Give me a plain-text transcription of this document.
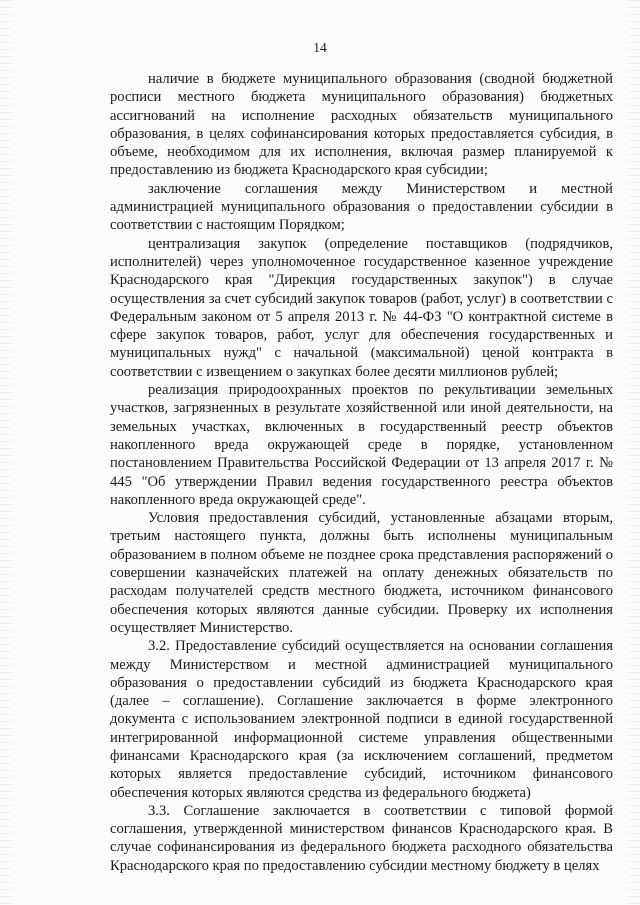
14

наличие в бюджете муниципального образования (сводной бюджетной росписи местного бюджета муниципального образования) бюджетных ассигнований на исполнение расходных обязательств муниципального образования, в целях софинансирования которых предоставляется субсидия, в объеме, необходимом для их исполнения, включая размер планируемой к предоставлению из бюджета Краснодарского края субсидии;

заключение соглашения между Министерством и местной администрацией муниципального образования о предоставлении субсидии в соответствии с настоящим Порядком;

централизация закупок (определение поставщиков (подрядчиков, исполнителей) через уполномоченное государственное казенное учреждение Краснодарского края "Дирекция государственных закупок") в случае осуществления за счет субсидий закупок товаров (работ, услуг) в соответствии с Федеральным законом от 5 апреля 2013 г. № 44-ФЗ "О контрактной системе в сфере закупок товаров, работ, услуг для обеспечения государственных и муниципальных нужд" с начальной (максимальной) ценой контракта в соответствии с извещением о закупках более десяти миллионов рублей;

реализация природоохранных проектов по рекультивации земельных участков, загрязненных в результате хозяйственной или иной деятельности, на земельных участках, включенных в государственный реестр объектов накопленного вреда окружающей среде в порядке, установленном постановлением Правительства Российской Федерации от 13 апреля 2017 г. № 445 "Об утверждении Правил ведения государственного реестра объектов накопленного вреда окружающей среде".

Условия предоставления субсидий, установленные абзацами вторым, третьим настоящего пункта, должны быть исполнены муниципальным образованием в полном объеме не позднее срока представления распоряжений о совершении казначейских платежей на оплату денежных обязательств по расходам получателей средств местного бюджета, источником финансового обеспечения которых являются данные субсидии. Проверку их исполнения осуществляет Министерство.

3.2. Предоставление субсидий осуществляется на основании соглашения между Министерством и местной администрацией муниципального образования о предоставлении субсидий из бюджета Краснодарского края (далее – соглашение). Соглашение заключается в форме электронного документа с использованием электронной подписи в единой государственной интегрированной информационной системе управления общественными финансами Краснодарского края (за исключением соглашений, предметом которых является предоставление субсидий, источником финансового обеспечения которых являются средства из федерального бюджета)

3.3. Соглашение заключается в соответствии с типовой формой соглашения, утвержденной министерством финансов Краснодарского края. В случае софинансирования из федерального бюджета расходного обязательства Краснодарского края по предоставлению субсидии местному бюджету в целях
